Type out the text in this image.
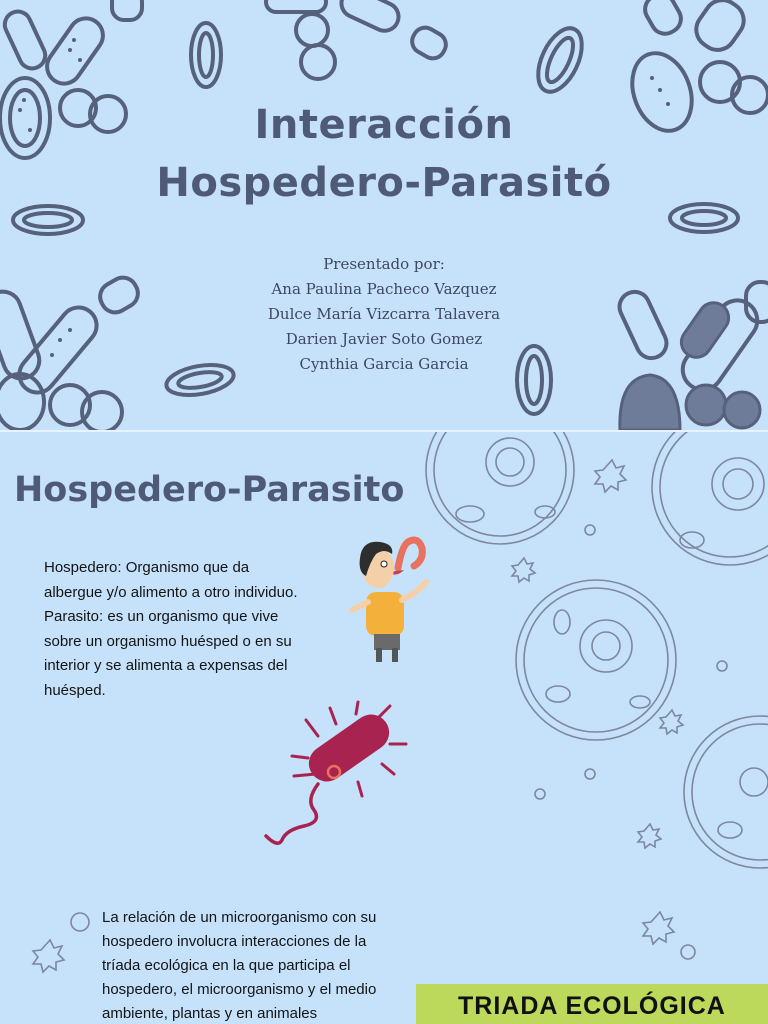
Interacción
Hospedero-Parasitó
Presentado por:
Ana Paulina Pacheco Vazquez
Dulce María Vizcarra Talavera
Darien Javier Soto Gomez
Cynthia Garcia Garcia
Hospedero-Parasito
Hospedero: Organismo que da
albergue y/o alimento a otro individuo.
Parasito: es un organismo que vive
sobre un organismo huésped o en su
interior y se alimenta a expensas del
huésped.
La relación de un microorganismo con su
hospedero involucra interacciones de la
tríada ecológica en la que participa el
hospedero, el microorganismo y el medio
ambiente, plantas y en animales	TRIADA ECOLÓGICA
